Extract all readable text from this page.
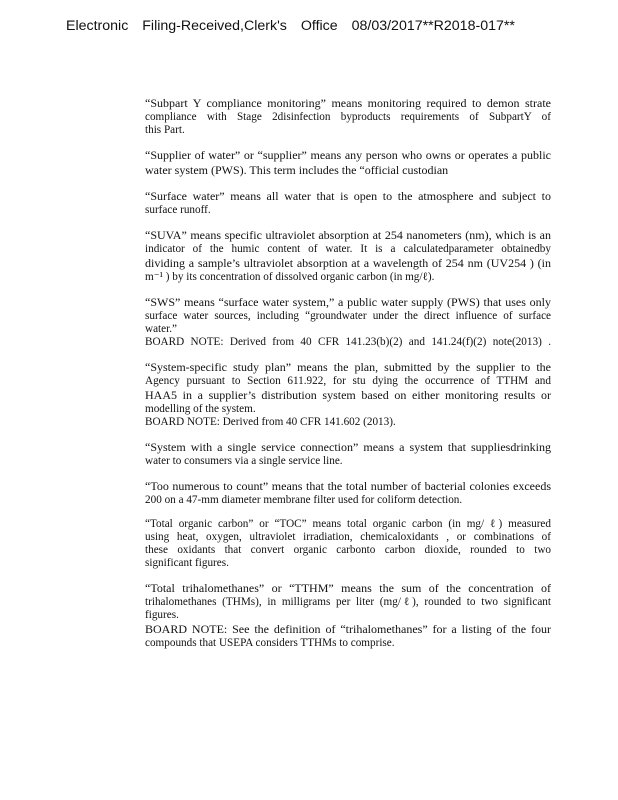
Electronic Filing-Received,Clerk's Office 08/03/2017**R2018-017**
“Subpart Y compliance monitoring” means monitoring required to demon strate
compliance with Stage 2disinfection byproducts requirements of SubpartY of
this Part.
“Supplier of water” or “supplier” means any person who owns or operates a public
water system (PWS). This term includes the “official custodian
“Surface water” means all water that is open to the atmosphere and subject to
surface runoff.
“SUVA” means specific ultraviolet absorption at 254 nanometers (nm), which is an
indicator of the humic content of water. It is a calculatedparameter obtainedby
dividing a sample’s ultraviolet absorption at a wavelength of 254 nm (UV254 ) (in
m⁻¹ ) by its concentration of dissolved organic carbon (in mg/ℓ).
“SWS” means “surface water system,” a public water supply (PWS) that uses only
surface water sources, including “groundwater under the direct influence of surface
water.”
BOARD NOTE: Derived from 40 CFR 141.23(b)(2) and 141.24(f)(2) note(2013) .
“System-specific study plan” means the plan, submitted by the supplier to the
Agency pursuant to Section 611.922, for stu dying the occurrence of TTHM and
HAA5 in a supplier’s distribution system based on either monitoring results or
modelling of the system.
BOARD NOTE: Derived from 40 CFR 141.602 (2013).
“System with a single service connection” means a system that suppliesdrinking
water to consumers via a single service line.
“Too numerous to count” means that the total number of bacterial colonies exceeds
200 on a 47-mm diameter membrane filter used for coliform detection.
“Total organic carbon” or “TOC” means total organic carbon (in mg/ ℓ) measured
using heat, oxygen, ultraviolet irradiation, chemicaloxidants , or combinations of
these oxidants that convert organic carbonto carbon dioxide, rounded to two
significant figures.
“Total trihalomethanes” or “TTHM” means the sum of the concentration of
trihalomethanes (THMs), in milligrams per liter (mg/ℓ), rounded to two significant
figures.
BOARD NOTE: See the definition of “trihalomethanes” for a listing of the four
compounds that USEPA considers TTHMs to comprise.
